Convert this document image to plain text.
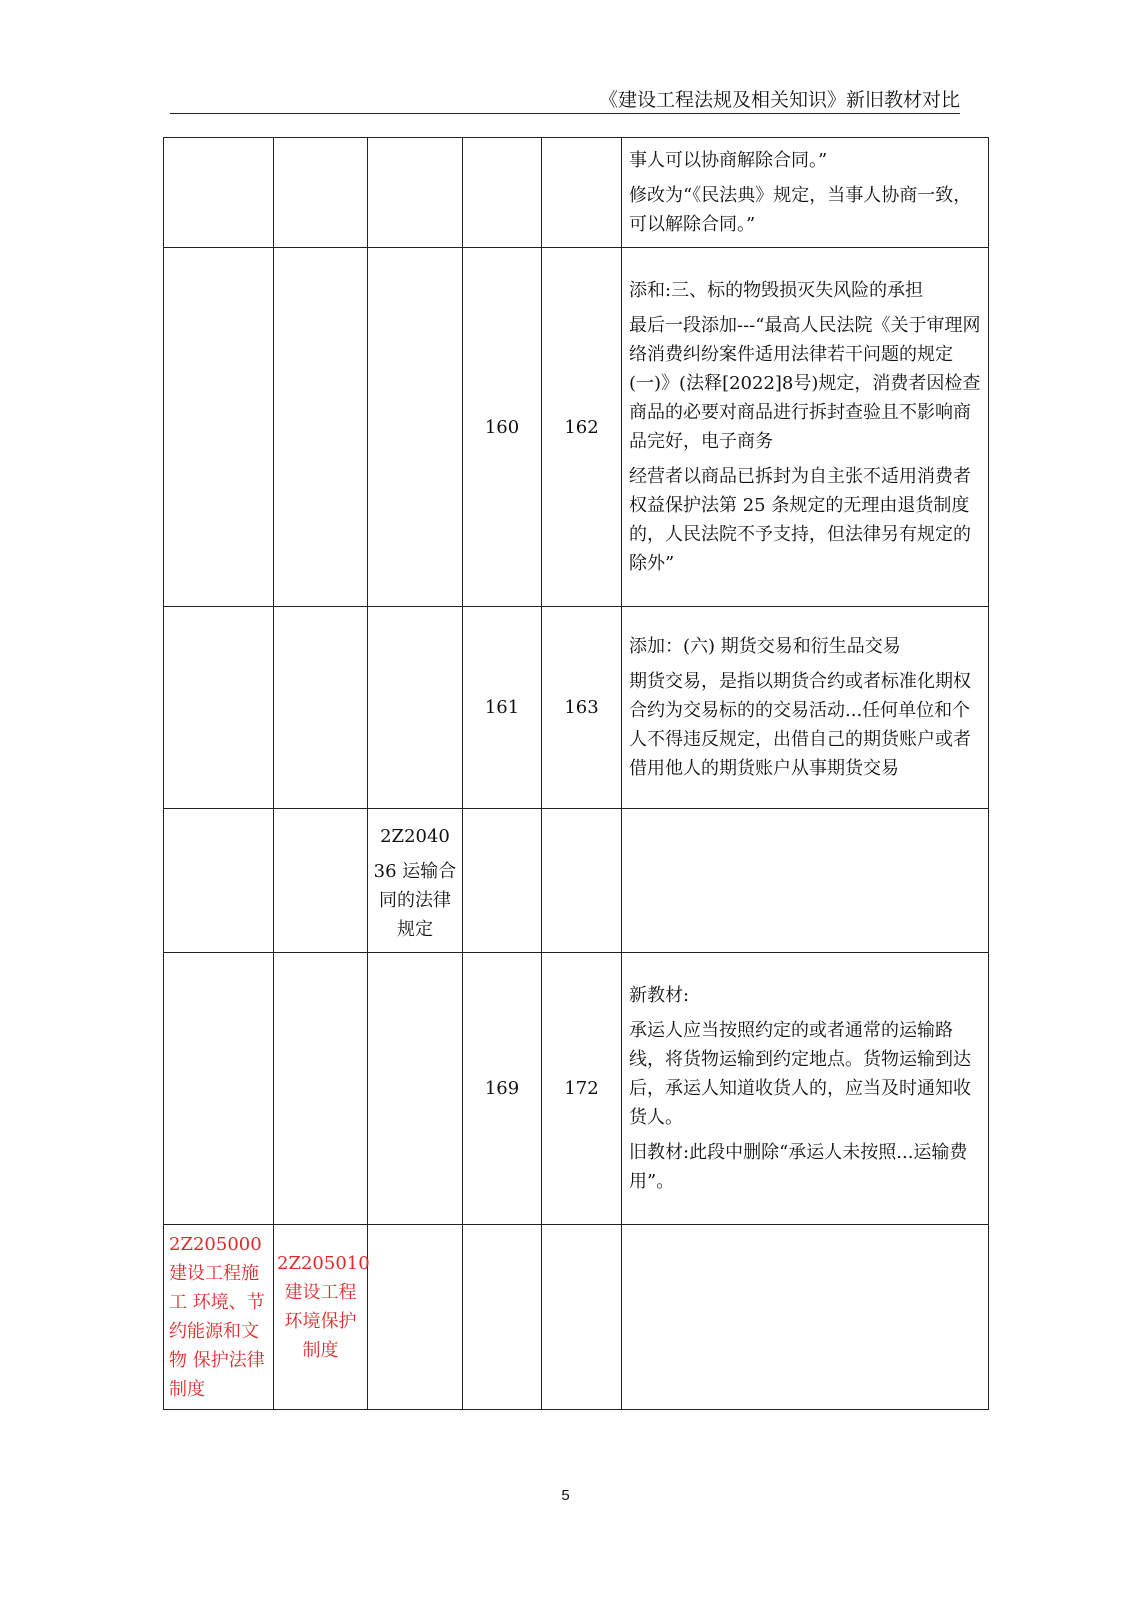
《建设工程法规及相关知识》新旧教材对比

					事人可以协商解除合同。”
修改为“《民法典》规定，当事人协商一致，可以解除合同。”

			160	162	添和:三、标的物毁损灭失风险的承担
最后一段添加---“最高人民法院《关于审理网络消费纠纷案件适用法律若干问题的规定(一)》(法释[2022]8号)规定，消费者因检查商品的必要对商品进行拆封查验且不影响商品完好，电子商务
经营者以商品已拆封为自主张不适用消费者权益保护法第 25 条规定的无理由退货制度的，人民法院不予支持，但法律另有规定的除外”

			161	163	添加：(六) 期货交易和衍生品交易
期货交易，是指以期货合约或者标准化期权合约为交易标的的交易活动...任何单位和个人不得违反规定，出借自己的期货账户或者借用他人的期货账户从事期货交易

		2Z2040
36 运输合同的法律规定			

			169	172	新教材:
承运人应当按照约定的或者通常的运输路线，将货物运输到约定地点。货物运输到达后，承运人知道收货人的，应当及时通知收货人。
旧教材:此段中删除“承运人未按照...运输费用”。

2Z205000 建设工程施工 环境、节约能源和文物 保护法律制度	2Z205010 建设工程环境保护制度				
5
